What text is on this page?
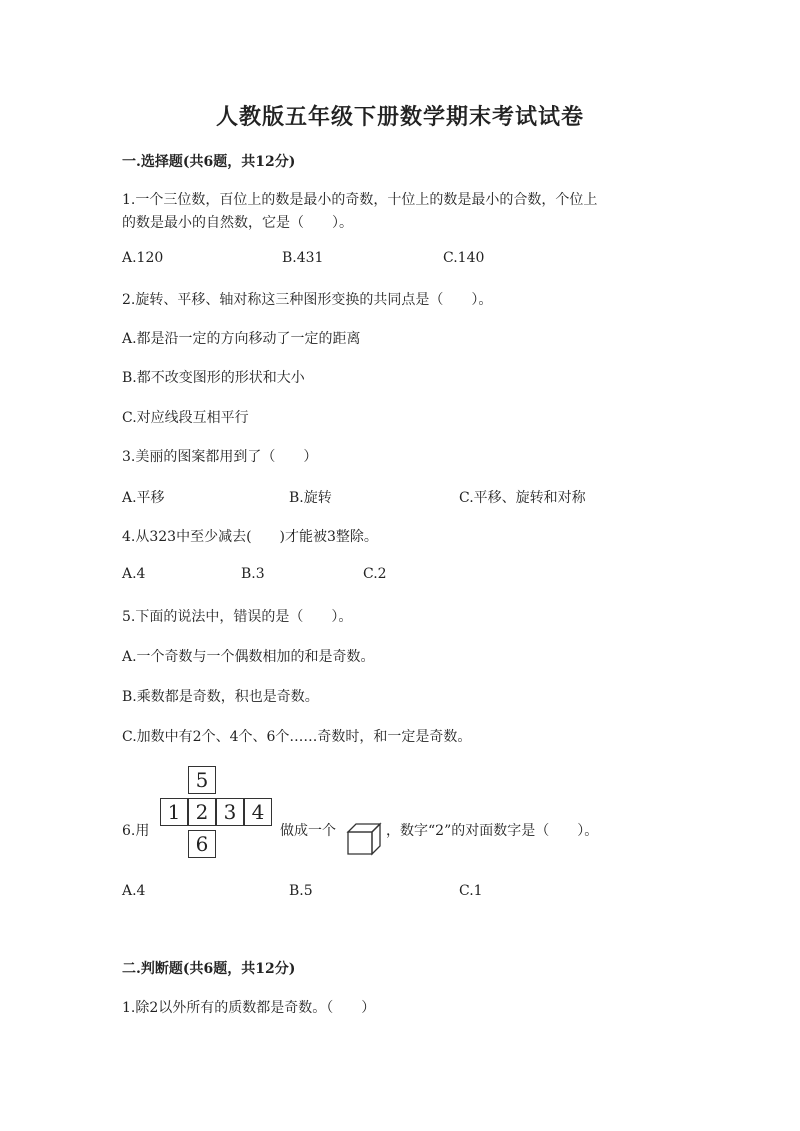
人教版五年级下册数学期末考试试卷
一.选择题(共6题，共12分)
1.一个三位数，百位上的数是最小的奇数，十位上的数是最小的合数，个位上
的数是最小的自然数，它是（　　）。
A.120	B.431	C.140
2.旋转、平移、轴对称这三种图形变换的共同点是（　　）。
A.都是沿一定的方向移动了一定的距离
B.都不改变图形的形状和大小
C.对应线段互相平行
3.美丽的图案都用到了（　　）
A.平移	B.旋转	C.平移、旋转和对称
4.从323中至少减去(　　)才能被3整除。
A.4	B.3	C.2
5.下面的说法中，错误的是（　　）。
A.一个奇数与一个偶数相加的和是奇数。
B.乘数都是奇数，积也是奇数。
C.加数中有2个、4个、6个……奇数时，和一定是奇数。
6.用
5
1 2 3 4
6
做成一个	，数字“2”的对面数字是（　　）。
A.4	B.5	C.1
二.判断题(共6题，共12分)
1.除2以外所有的质数都是奇数。（　　）
